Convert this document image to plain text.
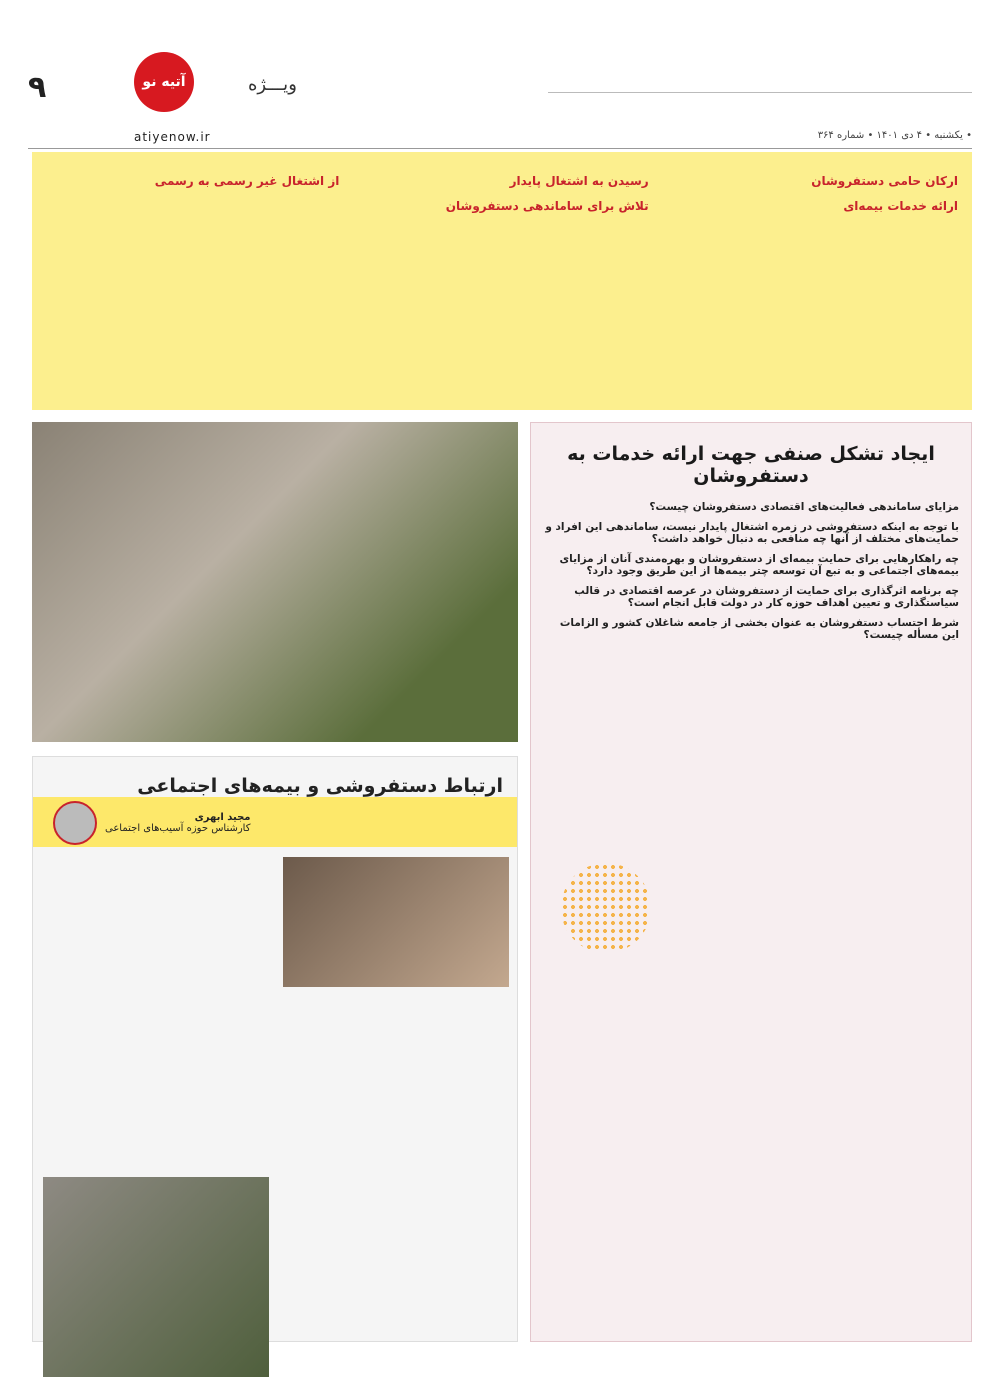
۹	آتیه نو	ویـــژه
atiyenow.ir	• یکشنبه • ۴ دی ۱۴۰۱ • شماره ۳۶۴
ارکان حامی دستفروشان
ارائه خدمات بیمه‌ای
رسیدن به اشتغال پایدار
تلاش برای ساماندهی دستفروشان
از اشتغال غیر رسمی به رسمی
ایجاد تشکل صنفی جهت ارائه خدمات به دستفروشان
مزایای ساماندهی فعالیت‌های اقتصادی دستفروشان چیست؟
با توجه به اینکه دستفروشی در زمره اشتغال پایدار نیست، ساماندهی این افراد و حمایت‌های مختلف از آنها چه منافعی به دنبال خواهد داشت؟
چه راهکارهایی برای حمایت بیمه‌ای از دستفروشان و بهره‌مندی آنان از مزایای بیمه‌های اجتماعی و به تبع آن توسعه چتر بیمه‌ها از این طریق وجود دارد؟
چه برنامه اثرگذاری برای حمایت از دستفروشان در عرصه اقتصادی در قالب سیاستگذاری و تعیین اهداف حوزه کار در دولت قابل انجام است؟
شرط احتساب دستفروشان به عنوان بخشی از جامعه شاغلان کشور و الزامات این مسأله چیست؟
ارتباط دستفروشی و بیمه‌های اجتماعی
مجید ابهری
کارشناس حوزه آسیب‌های اجتماعی
